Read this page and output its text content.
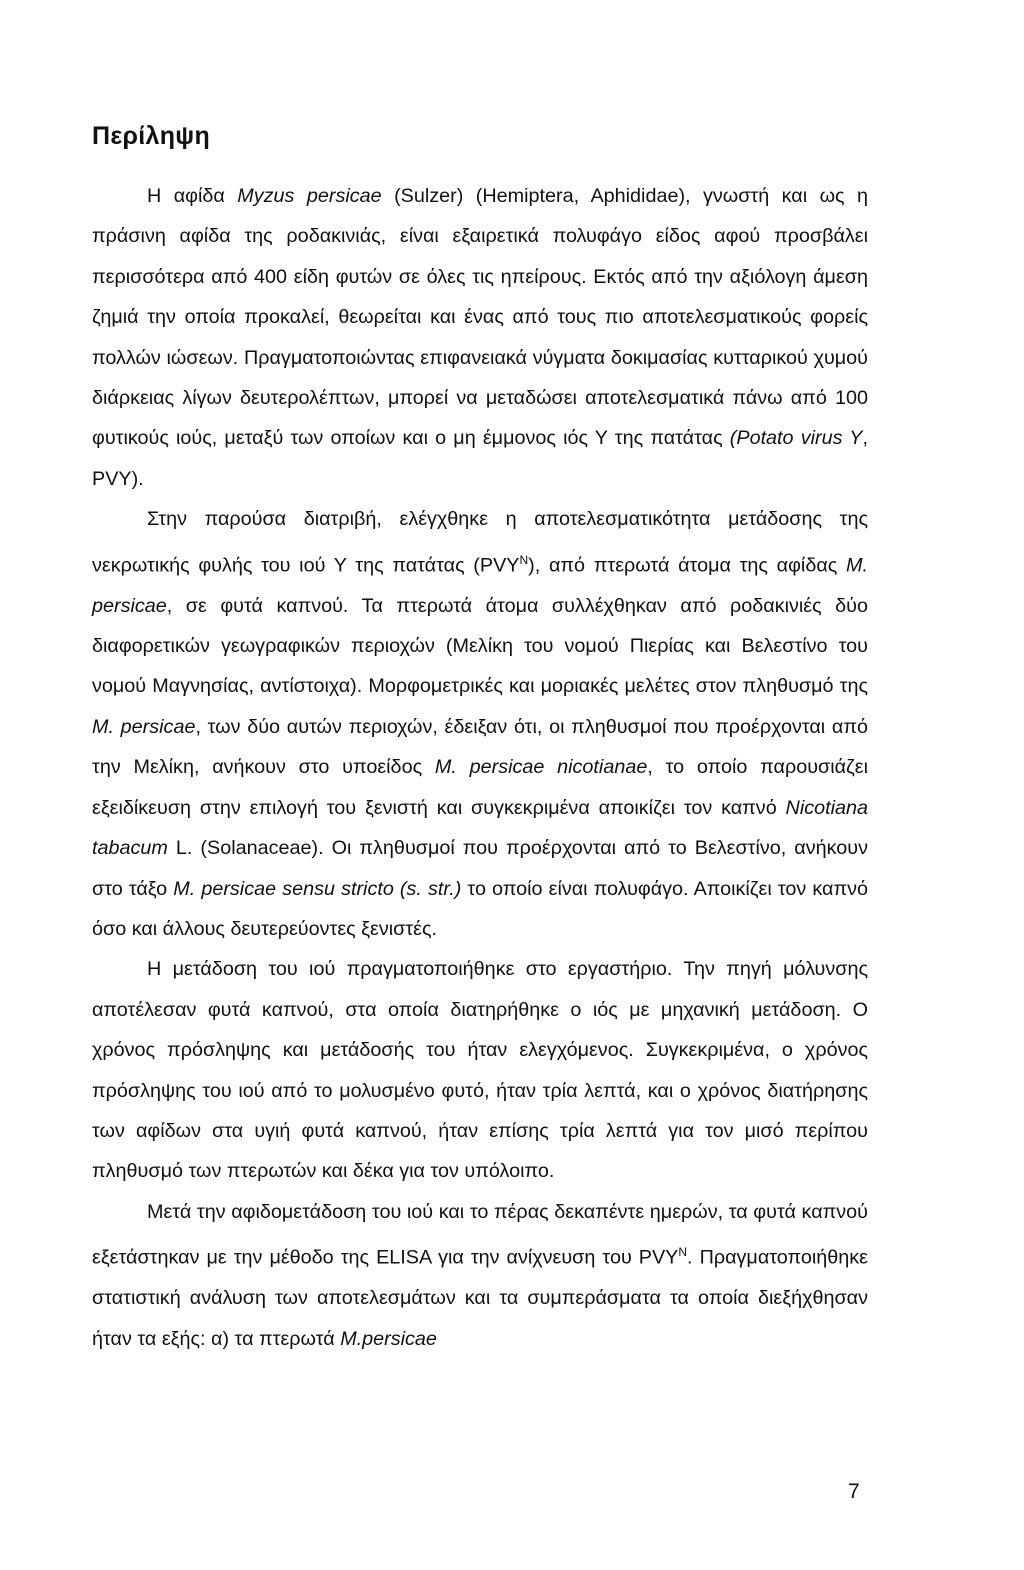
Περίληψη

Η αφίδα Myzus persicae (Sulzer) (Hemiptera, Aphididae), γνωστή και ως η πράσινη αφίδα της ροδακινιάς, είναι εξαιρετικά πολυφάγο είδος αφού προσβάλει περισσότερα από 400 είδη φυτών σε όλες τις ηπείρους. Εκτός από την αξιόλογη άμεση ζημιά την οποία προκαλεί, θεωρείται και ένας από τους πιο αποτελεσματικούς φορείς πολλών ιώσεων. Πραγματοποιώντας επιφανειακά νύγματα δοκιμασίας κυτταρικού χυμού διάρκειας λίγων δευτερολέπτων, μπορεί να μεταδώσει αποτελεσματικά πάνω από 100 φυτικούς ιούς, μεταξύ των οποίων και ο μη έμμονος ιός Υ της πατάτας (Potato virus Y, PVY).

Στην παρούσα διατριβή, ελέγχθηκε η αποτελεσματικότητα μετάδοσης της νεκρωτικής φυλής του ιού Υ της πατάτας $(PVY^N)$, από πτερωτά άτομα της αφίδας M. persicae, σε φυτά καπνού. Τα πτερωτά άτομα συλλέχθηκαν από ροδακινιές δύο διαφορετικών γεωγραφικών περιοχών (Μελίκη του νομού Πιερίας και Βελεστίνο του νομού Μαγνησίας, αντίστοιχα). Μορφομετρικές και μοριακές μελέτες στον πληθυσμό της M. persicae, των δύο αυτών περιοχών, έδειξαν ότι, οι πληθυσμοί που προέρχονται από την Μελίκη, ανήκουν στο υποείδος M. persicae nicotianae, το οποίο παρουσιάζει εξειδίκευση στην επιλογή του ξενιστή και συγκεκριμένα αποικίζει τον καπνό Nicotiana tabacum L. (Solanaceae). Οι πληθυσμοί που προέρχονται από το Βελεστίνο, ανήκουν στο τάξο M. persicae sensu stricto (s. str.) το οποίο είναι πολυφάγο. Αποικίζει τον καπνό όσο και άλλους δευτερεύοντες ξενιστές.

Η μετάδοση του ιού πραγματοποιήθηκε στο εργαστήριο. Την πηγή μόλυνσης αποτέλεσαν φυτά καπνού, στα οποία διατηρήθηκε ο ιός με μηχανική μετάδοση. Ο χρόνος πρόσληψης και μετάδοσής του ήταν ελεγχόμενος. Συγκεκριμένα, ο χρόνος πρόσληψης του ιού από το μολυσμένο φυτό, ήταν τρία λεπτά, και ο χρόνος διατήρησης των αφίδων στα υγιή φυτά καπνού, ήταν επίσης τρία λεπτά για τον μισό περίπου πληθυσμό των πτερωτών και δέκα για τον υπόλοιπο.

Μετά την αφιδομετάδοση του ιού και το πέρας δεκαπέντε ημερών, τα φυτά καπνού εξετάστηκαν με την μέθοδο της ELISA για την ανίχνευση του $PVY^N$. Πραγματοποιήθηκε στατιστική ανάλυση των αποτελεσμάτων και τα συμπεράσματα τα οποία διεξήχθησαν ήταν τα εξής: α) τα πτερωτά M.persicae

7
